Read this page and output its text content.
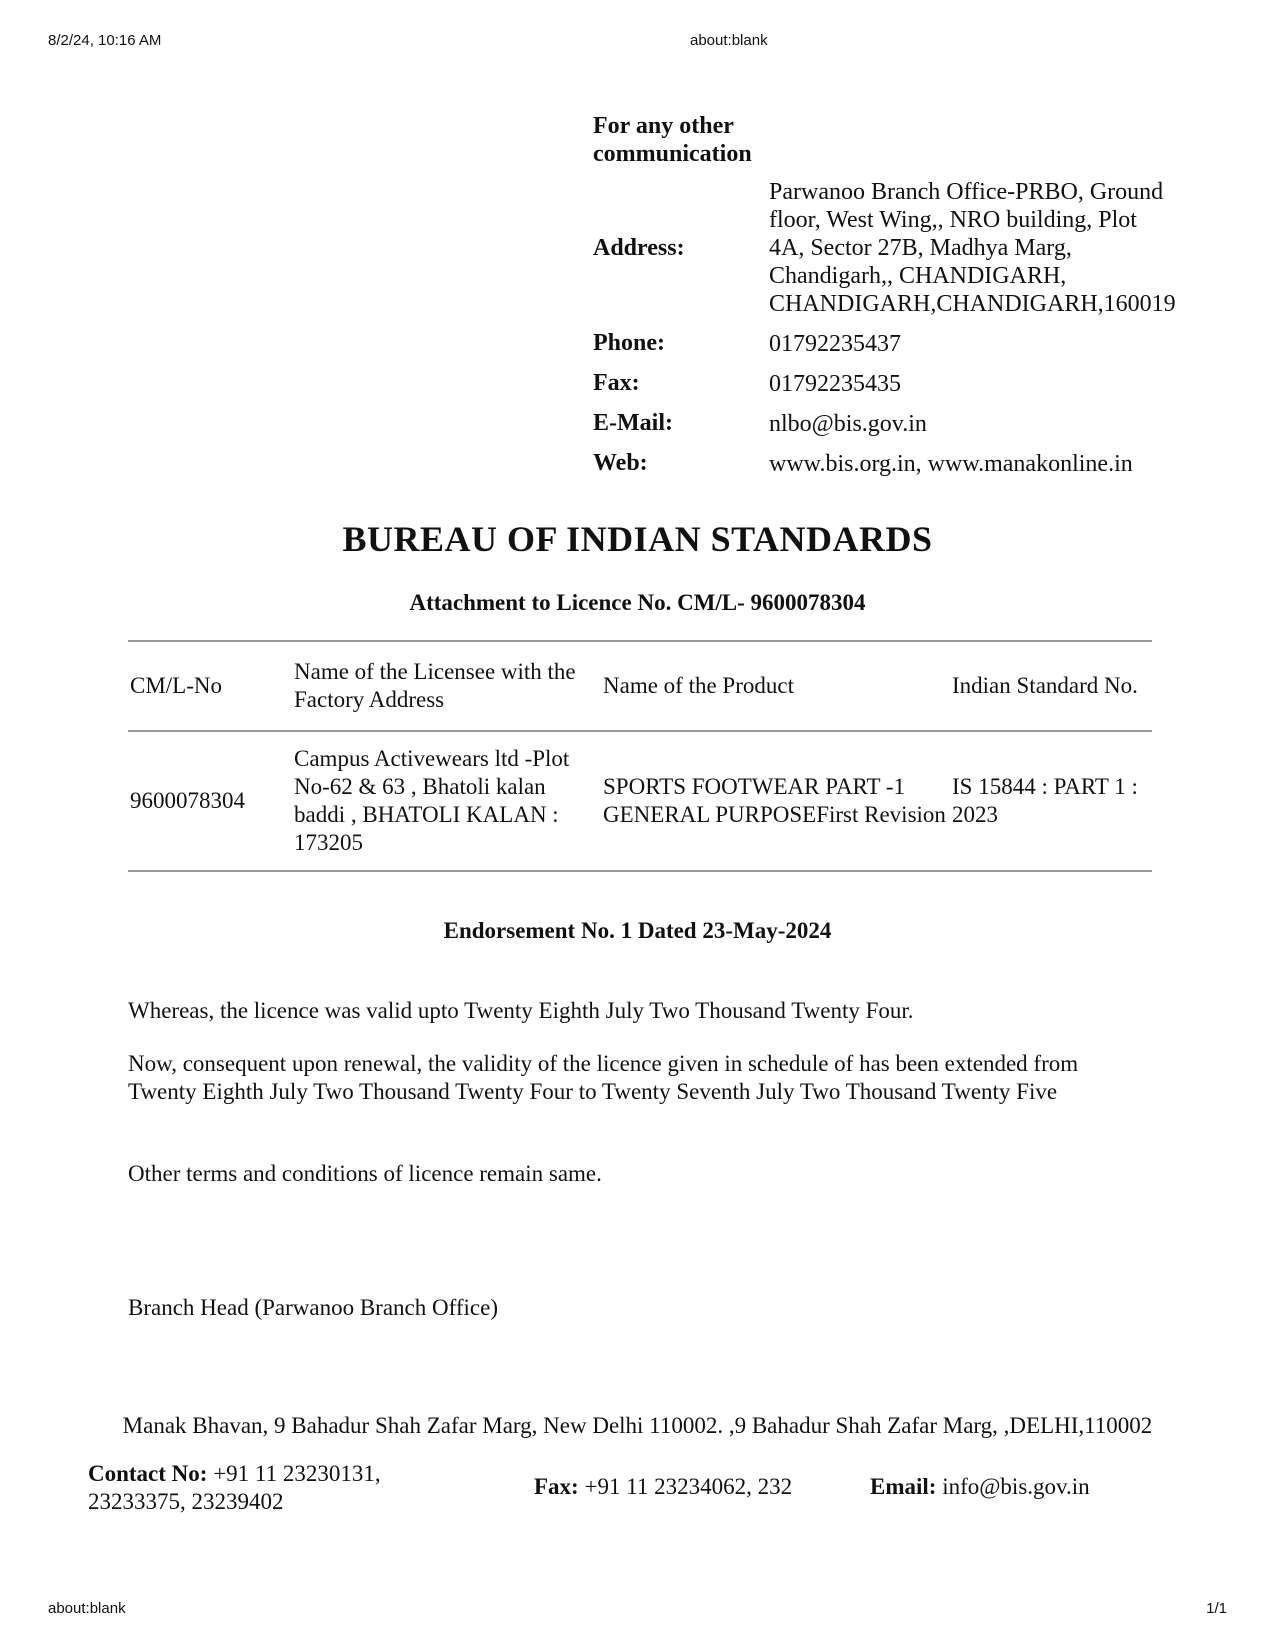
8/2/24, 10:16 AM	about:blank
For any other communication
Address:
Parwanoo Branch Office-PRBO, Ground
floor, West Wing,, NRO building, Plot
4A, Sector 27B, Madhya Marg,
Chandigarh,, CHANDIGARH,
CHANDIGARH,CHANDIGARH,160019
Phone:	01792235437
Fax:	01792235435
E-Mail:	nlbo@bis.gov.in
Web:	www.bis.org.in, www.manakonline.in
BUREAU OF INDIAN STANDARDS
Attachment to Licence No. CM/L- 9600078304
CM/L-No	Name of the Licensee with the Factory Address	Name of the Product	Indian Standard No.
9600078304	Campus Activewears ltd -Plot No-62 & 63 , Bhatoli kalan baddi , BHATOLI KALAN : 173205	SPORTS FOOTWEAR PART -1 GENERAL PURPOSEFirst Revision	IS 15844 : PART 1 : 2023
Endorsement No. 1 Dated 23-May-2024

Whereas, the licence was valid upto Twenty Eighth July Two Thousand Twenty Four.

Now, consequent upon renewal, the validity of the licence given in schedule of has been extended from Twenty Eighth July Two Thousand Twenty Four to Twenty Seventh July Two Thousand Twenty Five

Other terms and conditions of licence remain same.

Branch Head (Parwanoo Branch Office)
Manak Bhavan, 9 Bahadur Shah Zafar Marg, New Delhi 110002. ,9 Bahadur Shah Zafar Marg, ,DELHI,110002
Contact No: +91 11 23230131, 23233375, 23239402
Fax: +91 11 23234062, 232	Email: info@bis.gov.in
about:blank	1/1
